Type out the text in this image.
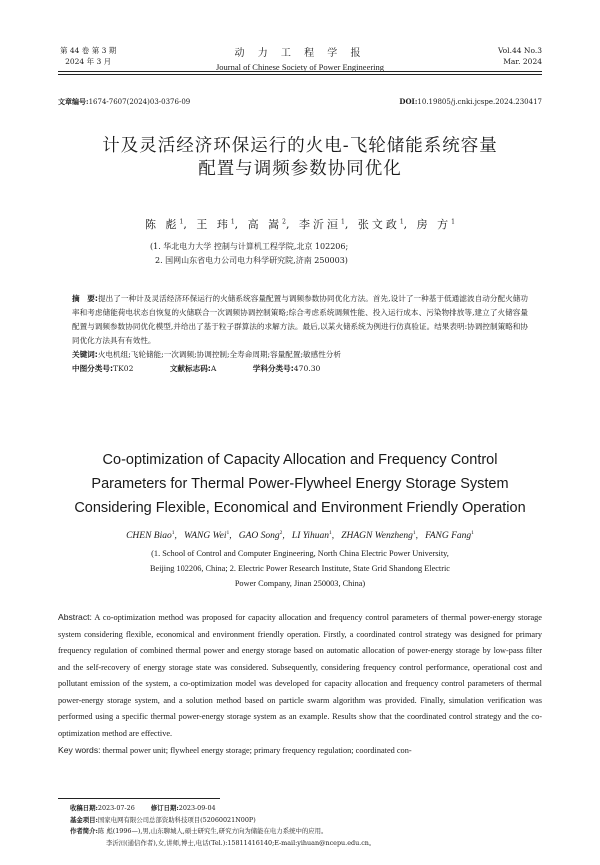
第 44 卷 第 3 期
2024 年 3 月
动 力 工 程 学 报
Journal of Chinese Society of Power Engineering
Vol.44 No.3
Mar. 2024
文章编号:1674-7607(2024)03-0376-09	DOI:10.19805/j.cnki.jcspe.2024.230417
计及灵活经济环保运行的火电-飞轮储能系统容量
配置与调频参数协同优化
陈 彪$^1$, 王 玮$^1$, 高 嵩$^2$, 李沂洹$^1$, 张文政$^1$, 房 方$^1$
(1. 华北电力大学 控制与计算机工程学院,北京 102206;
2. 国网山东省电力公司电力科学研究院,济南 250003)
摘　要:提出了一种计及灵活经济环保运行的火储系统容量配置与调频参数协同优化方法。首先,设计了一种基于低通滤波自动分配火储功率和考虑储能荷电状态自恢复的火储联合一次调频协调控制策略;综合考虑系统调频性能、投入运行成本、污染物排放等,建立了火储容量配置与调频参数协同优化模型,并给出了基于粒子群算法的求解方法。最后,以某火储系统为例进行仿真验证。结果表明:协调控制策略和协同优化方法具有有效性。
关键词:火电机组;飞轮储能;一次调频;协调控制;全寿命周期;容量配置;敏感性分析
中图分类号:TK02	文献标志码:A	学科分类号:470.30
Co-optimization of Capacity Allocation and Frequency Control
Parameters for Thermal Power-Flywheel Energy Storage System
Considering Flexible, Economical and Environment Friendly Operation
CHEN Biao$^1$,   WANG Wei$^1$,   GAO Song$^2$,   LI Yihuan$^1$,   ZHAGN Wenzheng$^1$,   FANG Fang$^1$
(1. School of Control and Computer Engineering, North China Electric Power University,
Beijing 102206, China; 2. Electric Power Research Institute, State Grid Shandong Electric
Power Company, Jinan 250003, China)
Abstract: A co-optimization method was proposed for capacity allocation and frequency control parameters of thermal power-energy storage system considering flexible, economical and environment friendly operation. Firstly, a coordinated control strategy was designed for primary frequency regulation of combined thermal power and energy storage based on automatic allocation of power-energy storage by low-pass filter and the self-recovery of energy storage state was considered. Subsequently, considering frequency control performance, operational cost and pollutant emission of the system, a co-optimization model was developed for capacity allocation and frequency control parameters of thermal power-energy storage system, and a solution method based on particle swarm algorithm was provided. Finally, simulation verification was performed using a specific thermal power-energy storage system as an example. Results show that the coordinated control strategy and the co-optimization method are effective.
Key words: thermal power unit; flywheel energy storage; primary frequency regulation; coordinated con-
收稿日期:2023-07-26	修订日期:2023-09-04
基金项目:国家电网有限公司总部资助科技项目(52060021N00P)
作者简介:陈 彪(1996—),男,山东聊城人,硕士研究生,研究方向为储能在电力系统中的应用。
李沂洹(通信作者),女,讲师,博士,电话(Tel.):15811416140;E-mail:yihuan@ncepu.edu.cn。
